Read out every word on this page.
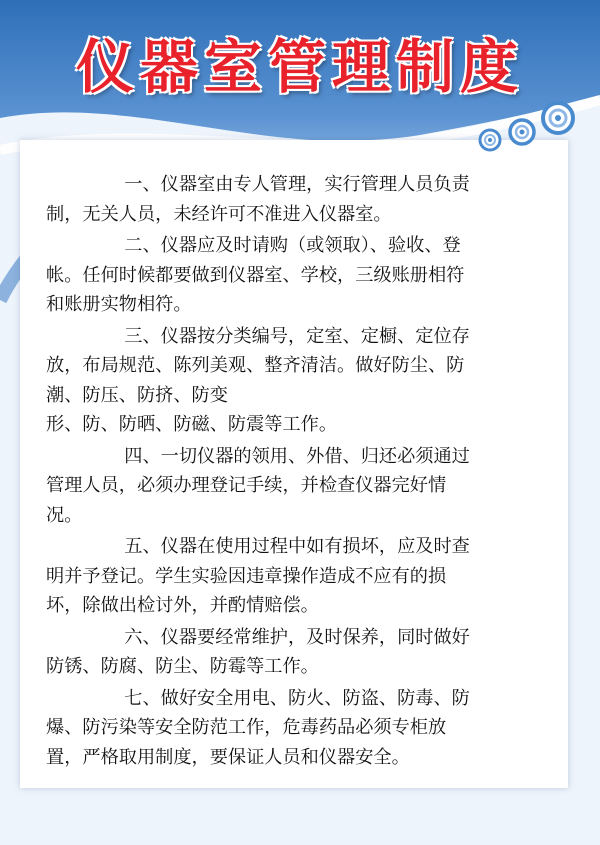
仪器室管理制度

一、仪器室由专人管理，实行管理人员负责
制，无关人员，未经许可不准进入仪器室。

二、仪器应及时请购（或领取）、验收、登
帐。任何时候都要做到仪器室、学校，三级账册相符
和账册实物相符。

三、仪器按分类编号，定室、定橱、定位存
放，布局规范、陈列美观、整齐清洁。做好防尘、防
潮、防压、防挤、防变
形、防、防晒、防磁、防震等工作。

四、一切仪器的领用、外借、归还必须通过
管理人员，必须办理登记手续，并检查仪器完好情
况。

五、仪器在使用过程中如有损坏，应及时查
明并予登记。学生实验因违章操作造成不应有的损
坏，除做出检讨外，并酌情赔偿。

六、仪器要经常维护，及时保养，同时做好
防锈、防腐、防尘、防霉等工作。

七、做好安全用电、防火、防盗、防毒、防
爆、防污染等安全防范工作，危毒药品必须专柜放
置，严格取用制度，要保证人员和仪器安全。
